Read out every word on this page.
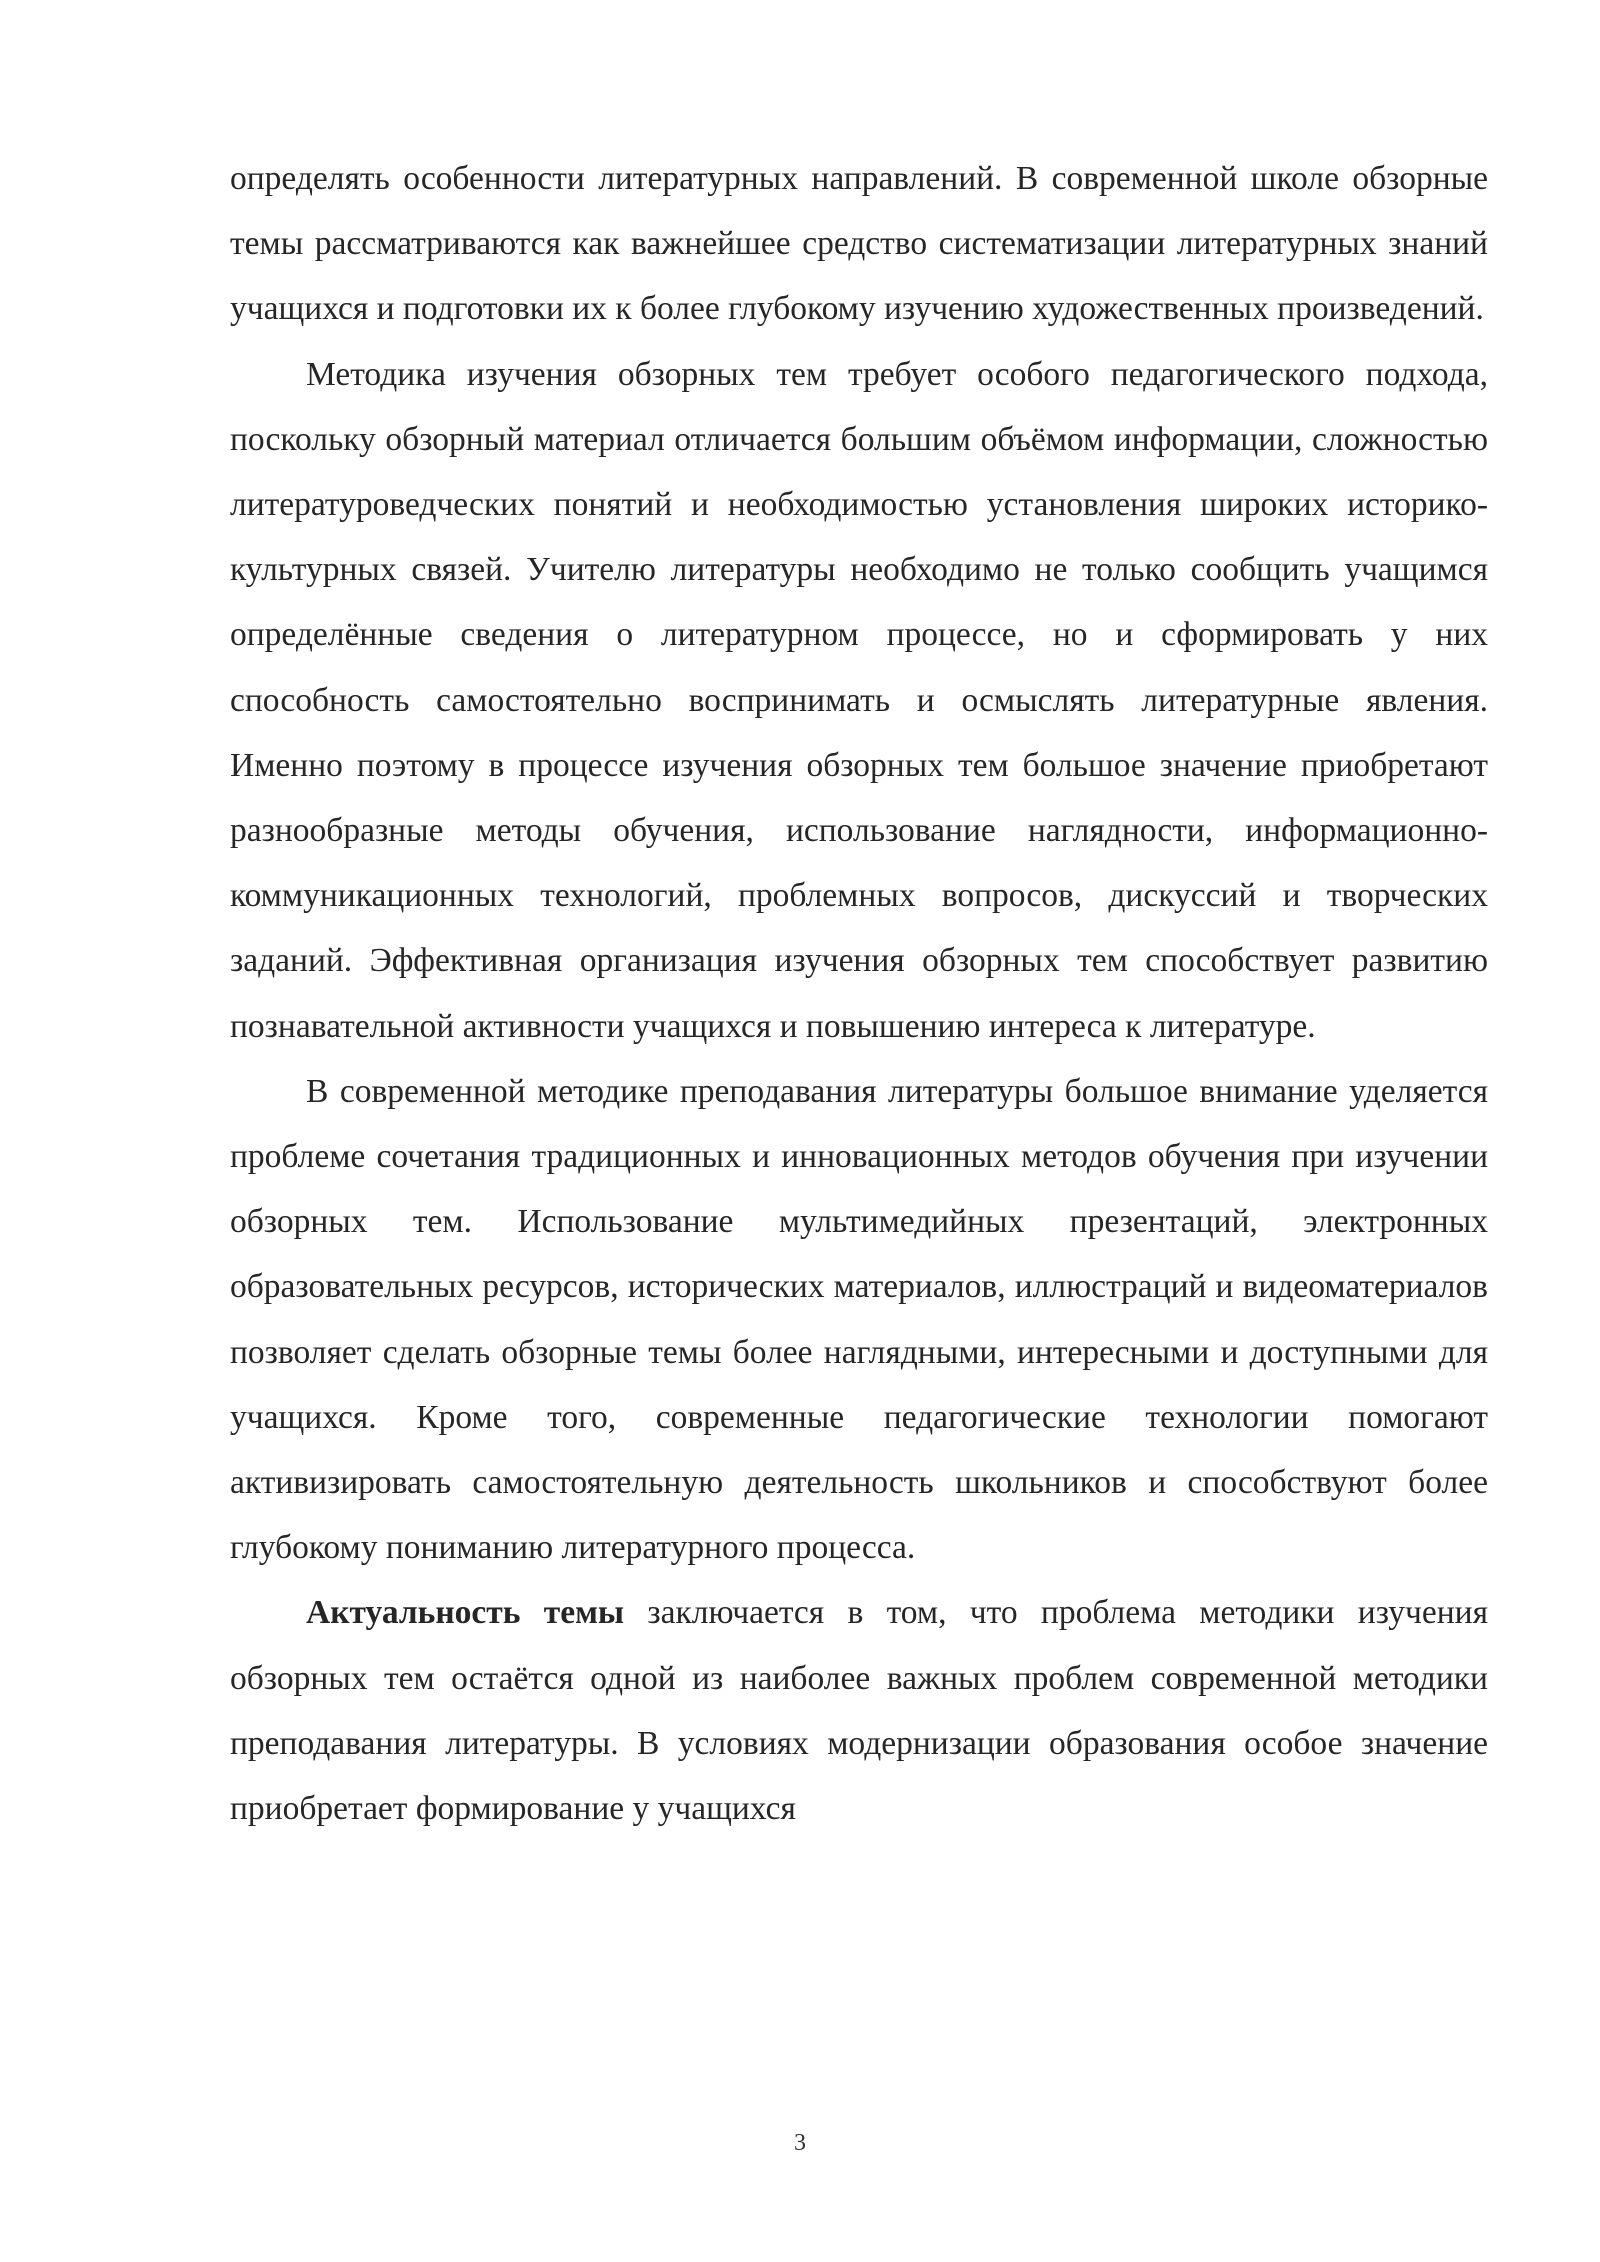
определять особенности литературных направлений. В современной школе обзорные темы рассматриваются как важнейшее средство систематизации литературных знаний учащихся и подготовки их к более глубокому изучению художественных произведений.

Методика изучения обзорных тем требует особого педагогического подхода, поскольку обзорный материал отличается большим объёмом информации, сложностью литературоведческих понятий и необходимостью установления широких историко-культурных связей. Учителю литературы необходимо не только сообщить учащимся определённые сведения о литературном процессе, но и сформировать у них способность самостоятельно воспринимать и осмыслять литературные явления. Именно поэтому в процессе изучения обзорных тем большое значение приобретают разнообразные методы обучения, использование наглядности, информационно-коммуникационных технологий, проблемных вопросов, дискуссий и творческих заданий. Эффективная организация изучения обзорных тем способствует развитию познавательной активности учащихся и повышению интереса к литературе.

В современной методике преподавания литературы большое внимание уделяется проблеме сочетания традиционных и инновационных методов обучения при изучении обзорных тем. Использование мультимедийных презентаций, электронных образовательных ресурсов, исторических материалов, иллюстраций и видеоматериалов позволяет сделать обзорные темы более наглядными, интересными и доступными для учащихся. Кроме того, современные педагогические технологии помогают активизировать самостоятельную деятельность школьников и способствуют более глубокому пониманию литературного процесса.

Актуальность темы заключается в том, что проблема методики изучения обзорных тем остаётся одной из наиболее важных проблем современной методики преподавания литературы. В условиях модернизации образования особое значение приобретает формирование у учащихся

3
